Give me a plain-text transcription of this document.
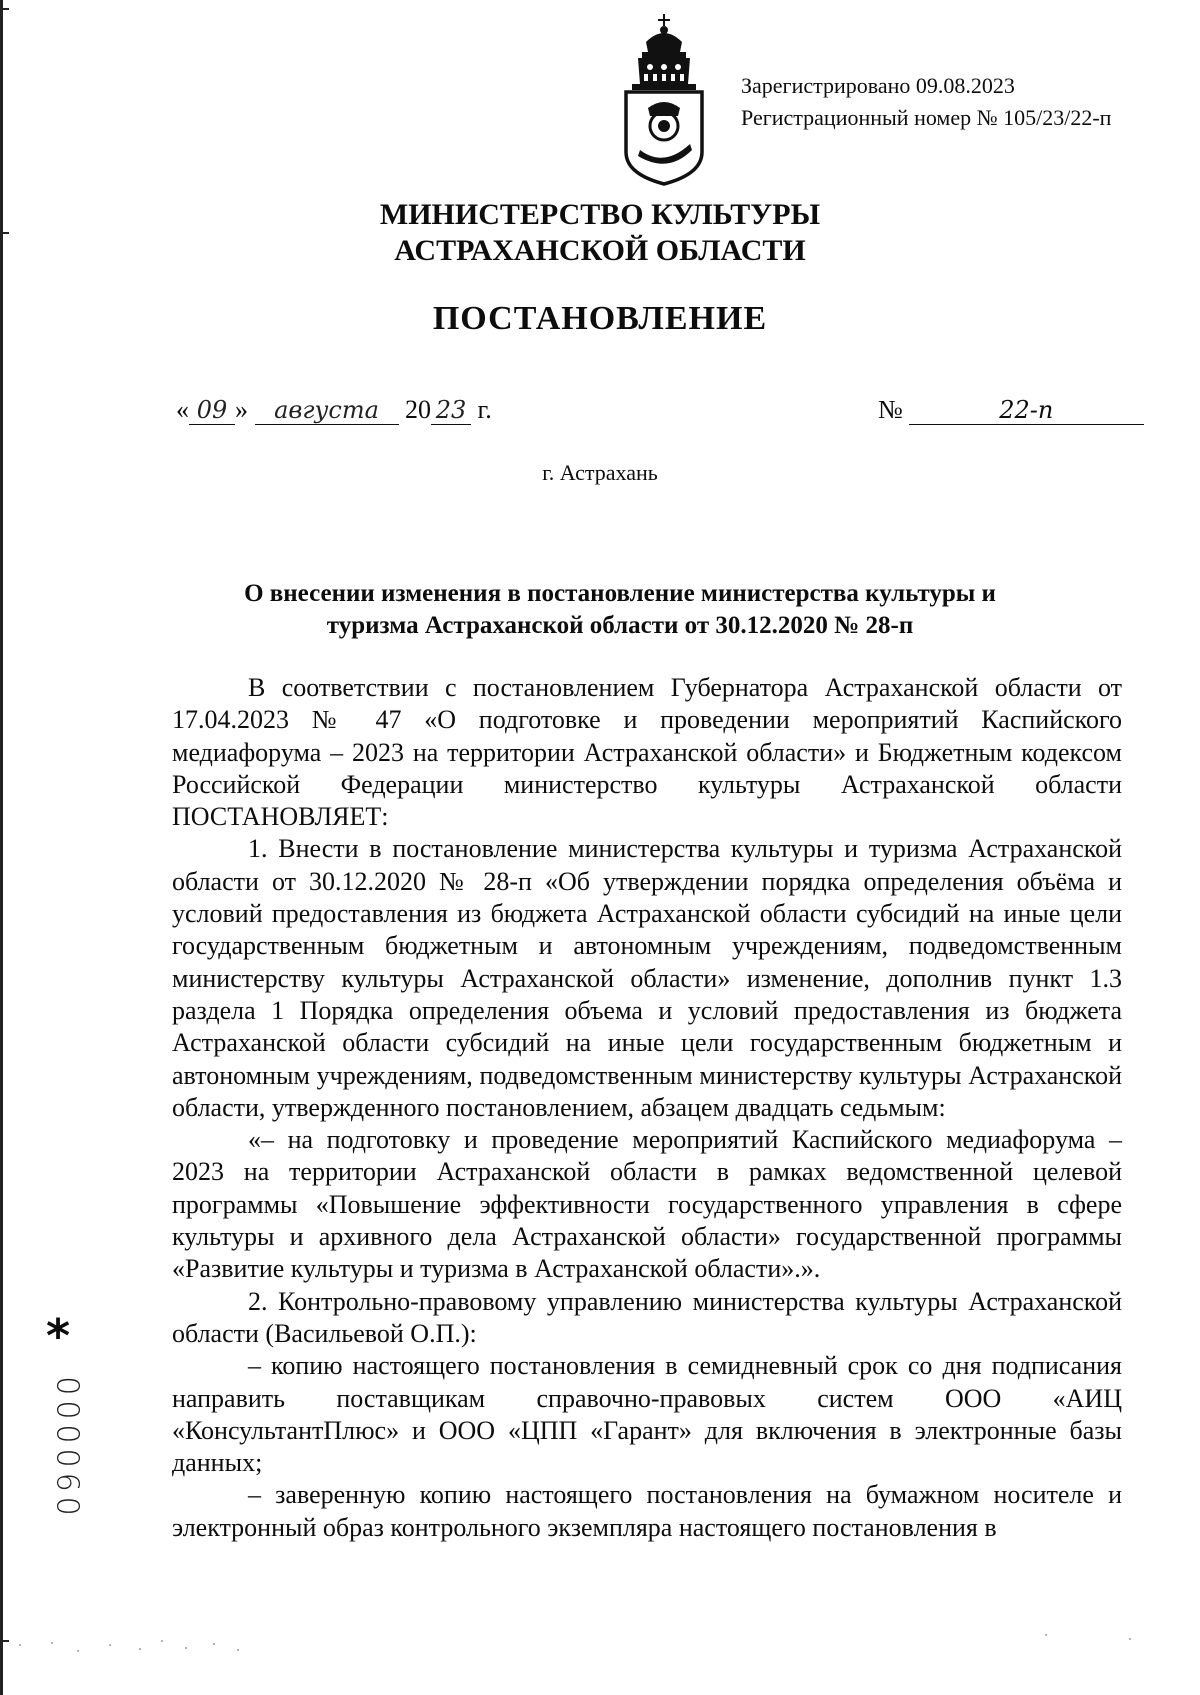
Зарегистрировано 09.08.2023
Регистрационный номер № 105/23/22-п
МИНИСТЕРСТВО КУЛЬТУРЫ
АСТРАХАНСКОЙ ОБЛАСТИ
ПОСТАНОВЛЕНИЕ
« 09 » августа 20 23 г.	№	22-п
г. Астрахань
О внесении изменения в постановление министерства культуры и
туризма Астраханской области от 30.12.2020 № 28-п

В соответствии с постановлением Губернатора Астраханской области от 17.04.2023 № 47 «О подготовке и проведении мероприятий Каспийского медиафорума – 2023 на территории Астраханской области» и Бюджетным кодексом Российской Федерации министерство культуры Астраханской области ПОСТАНОВЛЯЕТ:

1. Внести в постановление министерства культуры и туризма Астраханской области от 30.12.2020 № 28-п «Об утверждении порядка определения объёма и условий предоставления из бюджета Астраханской области субсидий на иные цели государственным бюджетным и автономным учреждениям, подведомственным министерству культуры Астраханской области» изменение, дополнив пункт 1.3 раздела 1 Порядка определения объема и условий предоставления из бюджета Астраханской области субсидий на иные цели государственным бюджетным и автономным учреждениям, подведомственным министерству культуры Астраханской области, утвержденного постановлением, абзацем двадцать седьмым:

«– на подготовку и проведение мероприятий Каспийского медиафорума – 2023 на территории Астраханской области в рамках ведомственной целевой программы «Повышение эффективности государственного управления в сфере культуры и архивного дела Астраханской области» государственной программы «Развитие культуры и туризма в Астраханской области».».

2. Контрольно-правовому управлению министерства культуры Астраханской области (Васильевой О.П.):

– копию настоящего постановления в семидневный срок со дня подписания направить поставщикам справочно-правовых систем ООО «АИЦ «КонсультантПлюс» и ООО «ЦПП «Гарант» для включения в электронные базы данных;

– заверенную копию настоящего постановления на бумажном носителе и электронный образ контрольного экземпляра настоящего постановления в

*
000060
